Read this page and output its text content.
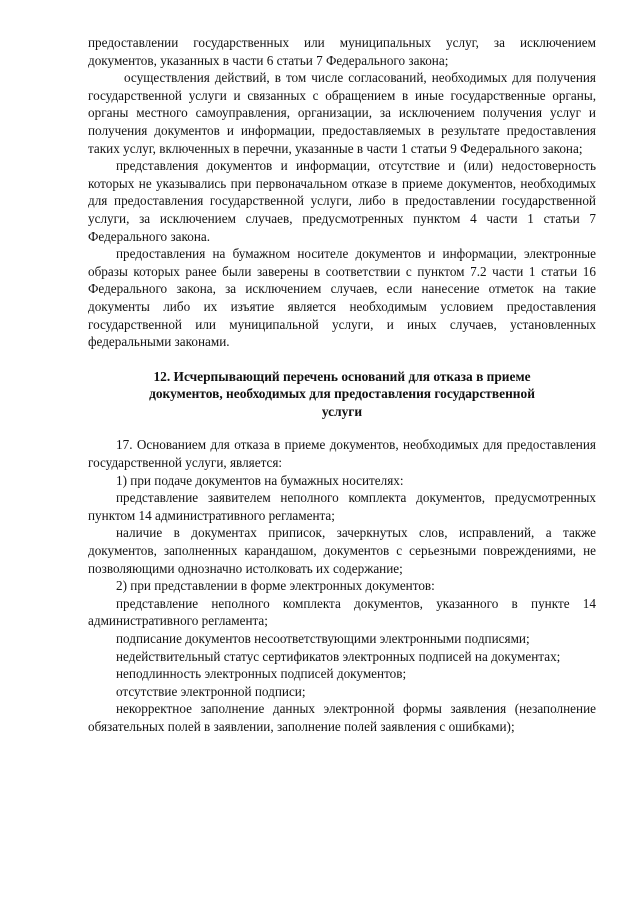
предоставлении государственных или муниципальных услуг, за исключением документов, указанных в части 6 статьи 7 Федерального закона;

осуществления действий, в том числе согласований, необходимых для получения государственной услуги и связанных с обращением в иные государственные органы, органы местного самоуправления, организации, за исключением получения услуг и получения документов и информации, предоставляемых в результате предоставления таких услуг, включенных в перечни, указанные в части 1 статьи 9 Федерального закона;

представления документов и информации, отсутствие и (или) недостоверность которых не указывались при первоначальном отказе в приеме документов, необходимых для предоставления государственной услуги, либо в предоставлении государственной услуги, за исключением случаев, предусмотренных пунктом 4 части 1 статьи 7 Федерального закона.

предоставления на бумажном носителе документов и информации, электронные образы которых ранее были заверены в соответствии с пунктом 7.2 части 1 статьи 16 Федерального закона, за исключением случаев, если нанесение отметок на такие документы либо их изъятие является необходимым условием предоставления государственной или муниципальной услуги, и иных случаев, установленных федеральными законами.

12. Исчерпывающий перечень оснований для отказа в приеме документов, необходимых для предоставления государственной услуги

17. Основанием для отказа в приеме документов, необходимых для предоставления государственной услуги, является:

1) при подаче документов на бумажных носителях:

представление заявителем неполного комплекта документов, предусмотренных пунктом 14 административного регламента;

наличие в документах приписок, зачеркнутых слов, исправлений, а также документов, заполненных карандашом, документов с серьезными повреждениями, не позволяющими однозначно истолковать их содержание;

2) при представлении в форме электронных документов:

представление неполного комплекта документов, указанного в пункте 14 административного регламента;

подписание документов несоответствующими электронными подписями;

недействительный статус сертификатов электронных подписей на документах;

неподлинность электронных подписей документов;

отсутствие электронной подписи;

некорректное заполнение данных электронной формы заявления (незаполнение обязательных полей в заявлении, заполнение полей заявления с ошибками);
